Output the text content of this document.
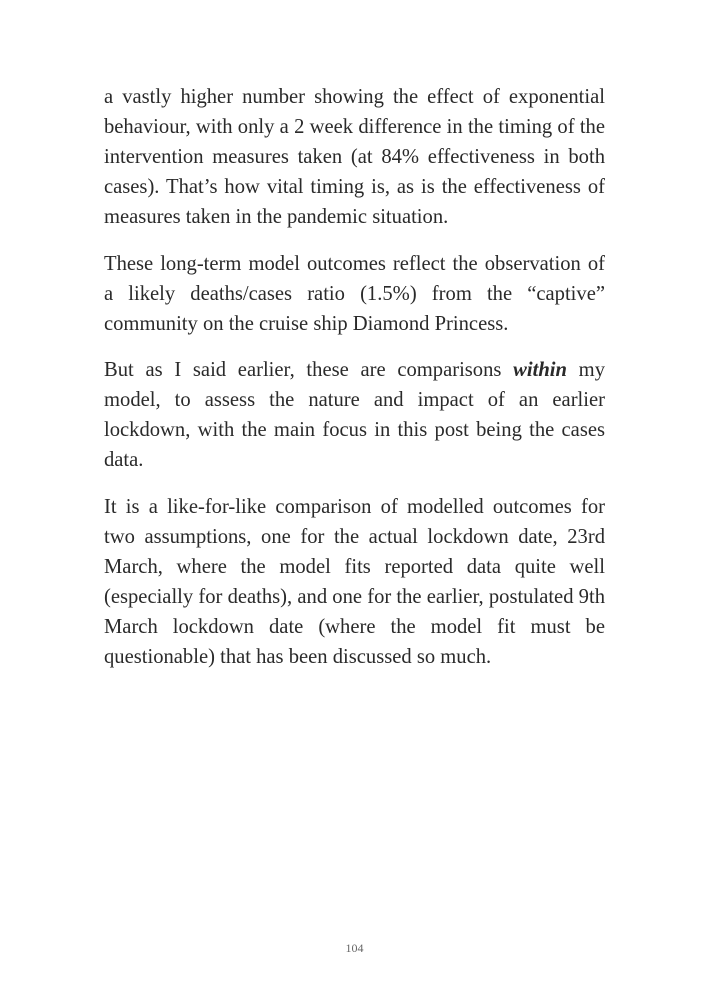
a vastly higher number showing the effect of exponential behaviour, with only a 2 week difference in the timing of the intervention measures taken (at 84% effectiveness in both cases). That’s how vital timing is, as is the effectiveness of measures taken in the pandemic situation.

These long-term model outcomes reflect the observation of a likely deaths/cases ratio (1.5%) from the “captive” community on the cruise ship Diamond Princess.

But as I said earlier, these are comparisons within my model, to assess the nature and impact of an earlier lockdown, with the main focus in this post being the cases data.

It is a like-for-like comparison of modelled outcomes for two assumptions, one for the actual lockdown date, 23rd March, where the model fits reported data quite well (especially for deaths), and one for the earlier, postulated 9th March lockdown date (where the model fit must be questionable) that has been discussed so much.

104
